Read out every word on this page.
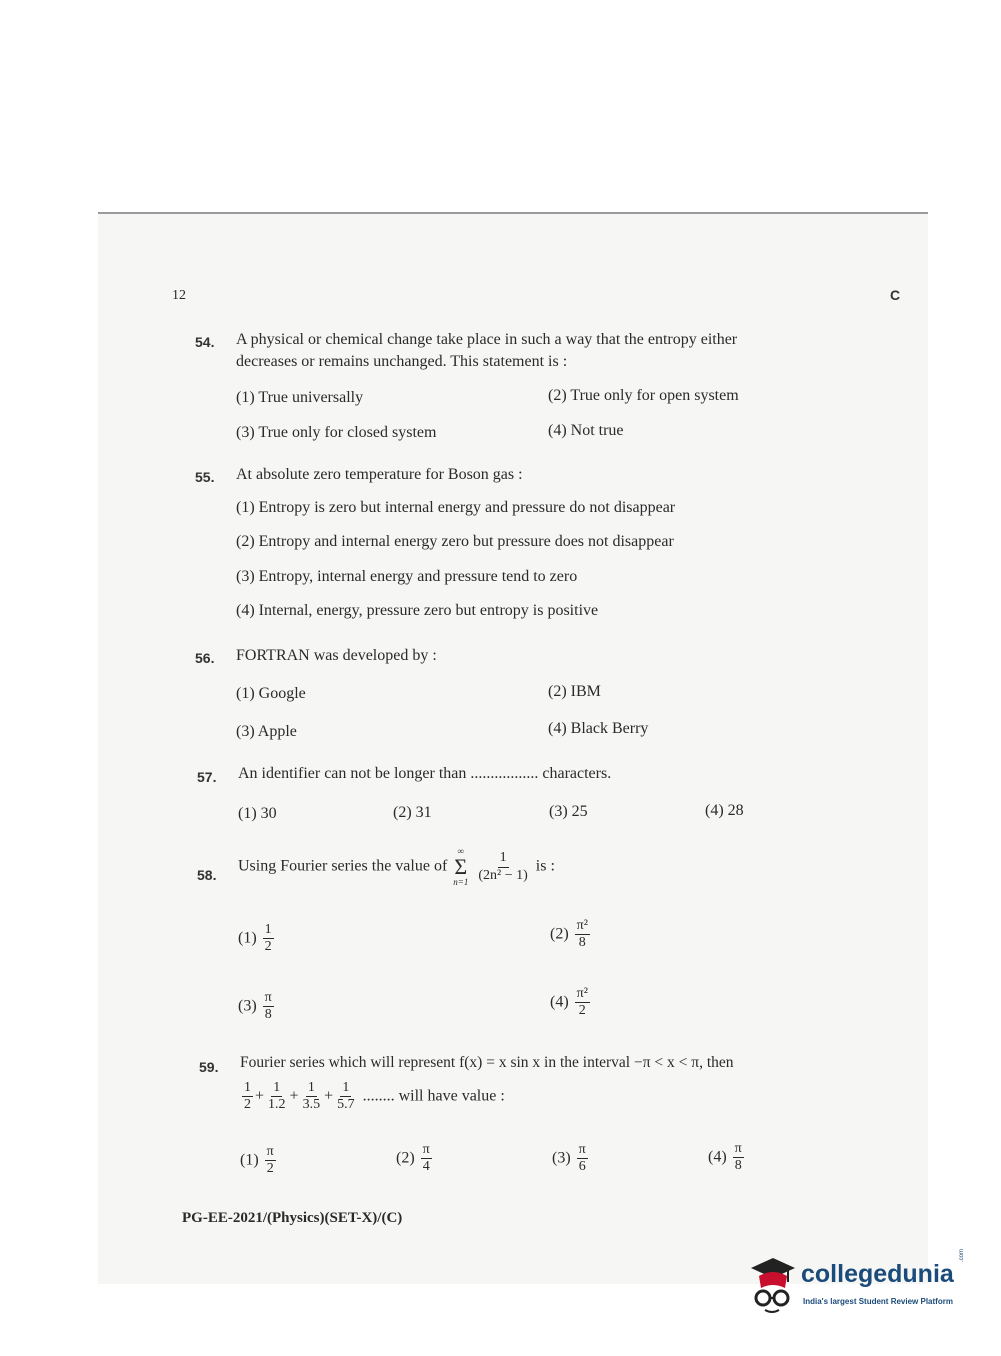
12	C
54. A physical or chemical change take place in such a way that the entropy either
decreases or remains unchanged. This statement is :
(1) True universally	(2) True only for open system
(3) True only for closed system	(4) Not true
55. At absolute zero temperature for Boson gas :
(1) Entropy is zero but internal energy and pressure do not disappear
(2) Entropy and internal energy zero but pressure does not disappear
(3) Entropy, internal energy and pressure tend to zero
(4) Internal, energy, pressure zero but entropy is positive
56. FORTRAN was developed by :
(1) Google	(2) IBM
(3) Apple	(4) Black Berry
57. An identifier can not be longer than ................. characters.
(1) 30	(2) 31	(3) 25	(4) 28
58.
Using Fourier series the value of
∞
Σ
n=1
$\frac{1}{\text{(2n² − 1)}}$ is :
$(1) \frac{1}{2}$	$(2) \frac{\text{π²}}{8}$
$(3) \frac{\pi}{8}$	$(4) \frac{\text{π²}}{2}$
59. Fourier series which will represent f(x) = x sin x in the interval −π < x < π, then
$\frac{1}{2} + \frac{1}{1.2} + \frac{1}{3.5} + \frac{1}{5.7}$ ........ will have value :
$(1) \frac{\pi}{2}$	$(2) \frac{\pi}{4}$	$(3) \frac{\pi}{6}$	$(4) \frac{\pi}{8}$
PG-EE-2021/(Physics)(SET-X)/(C)
collegedunia
.com
India's largest Student Review Platform
